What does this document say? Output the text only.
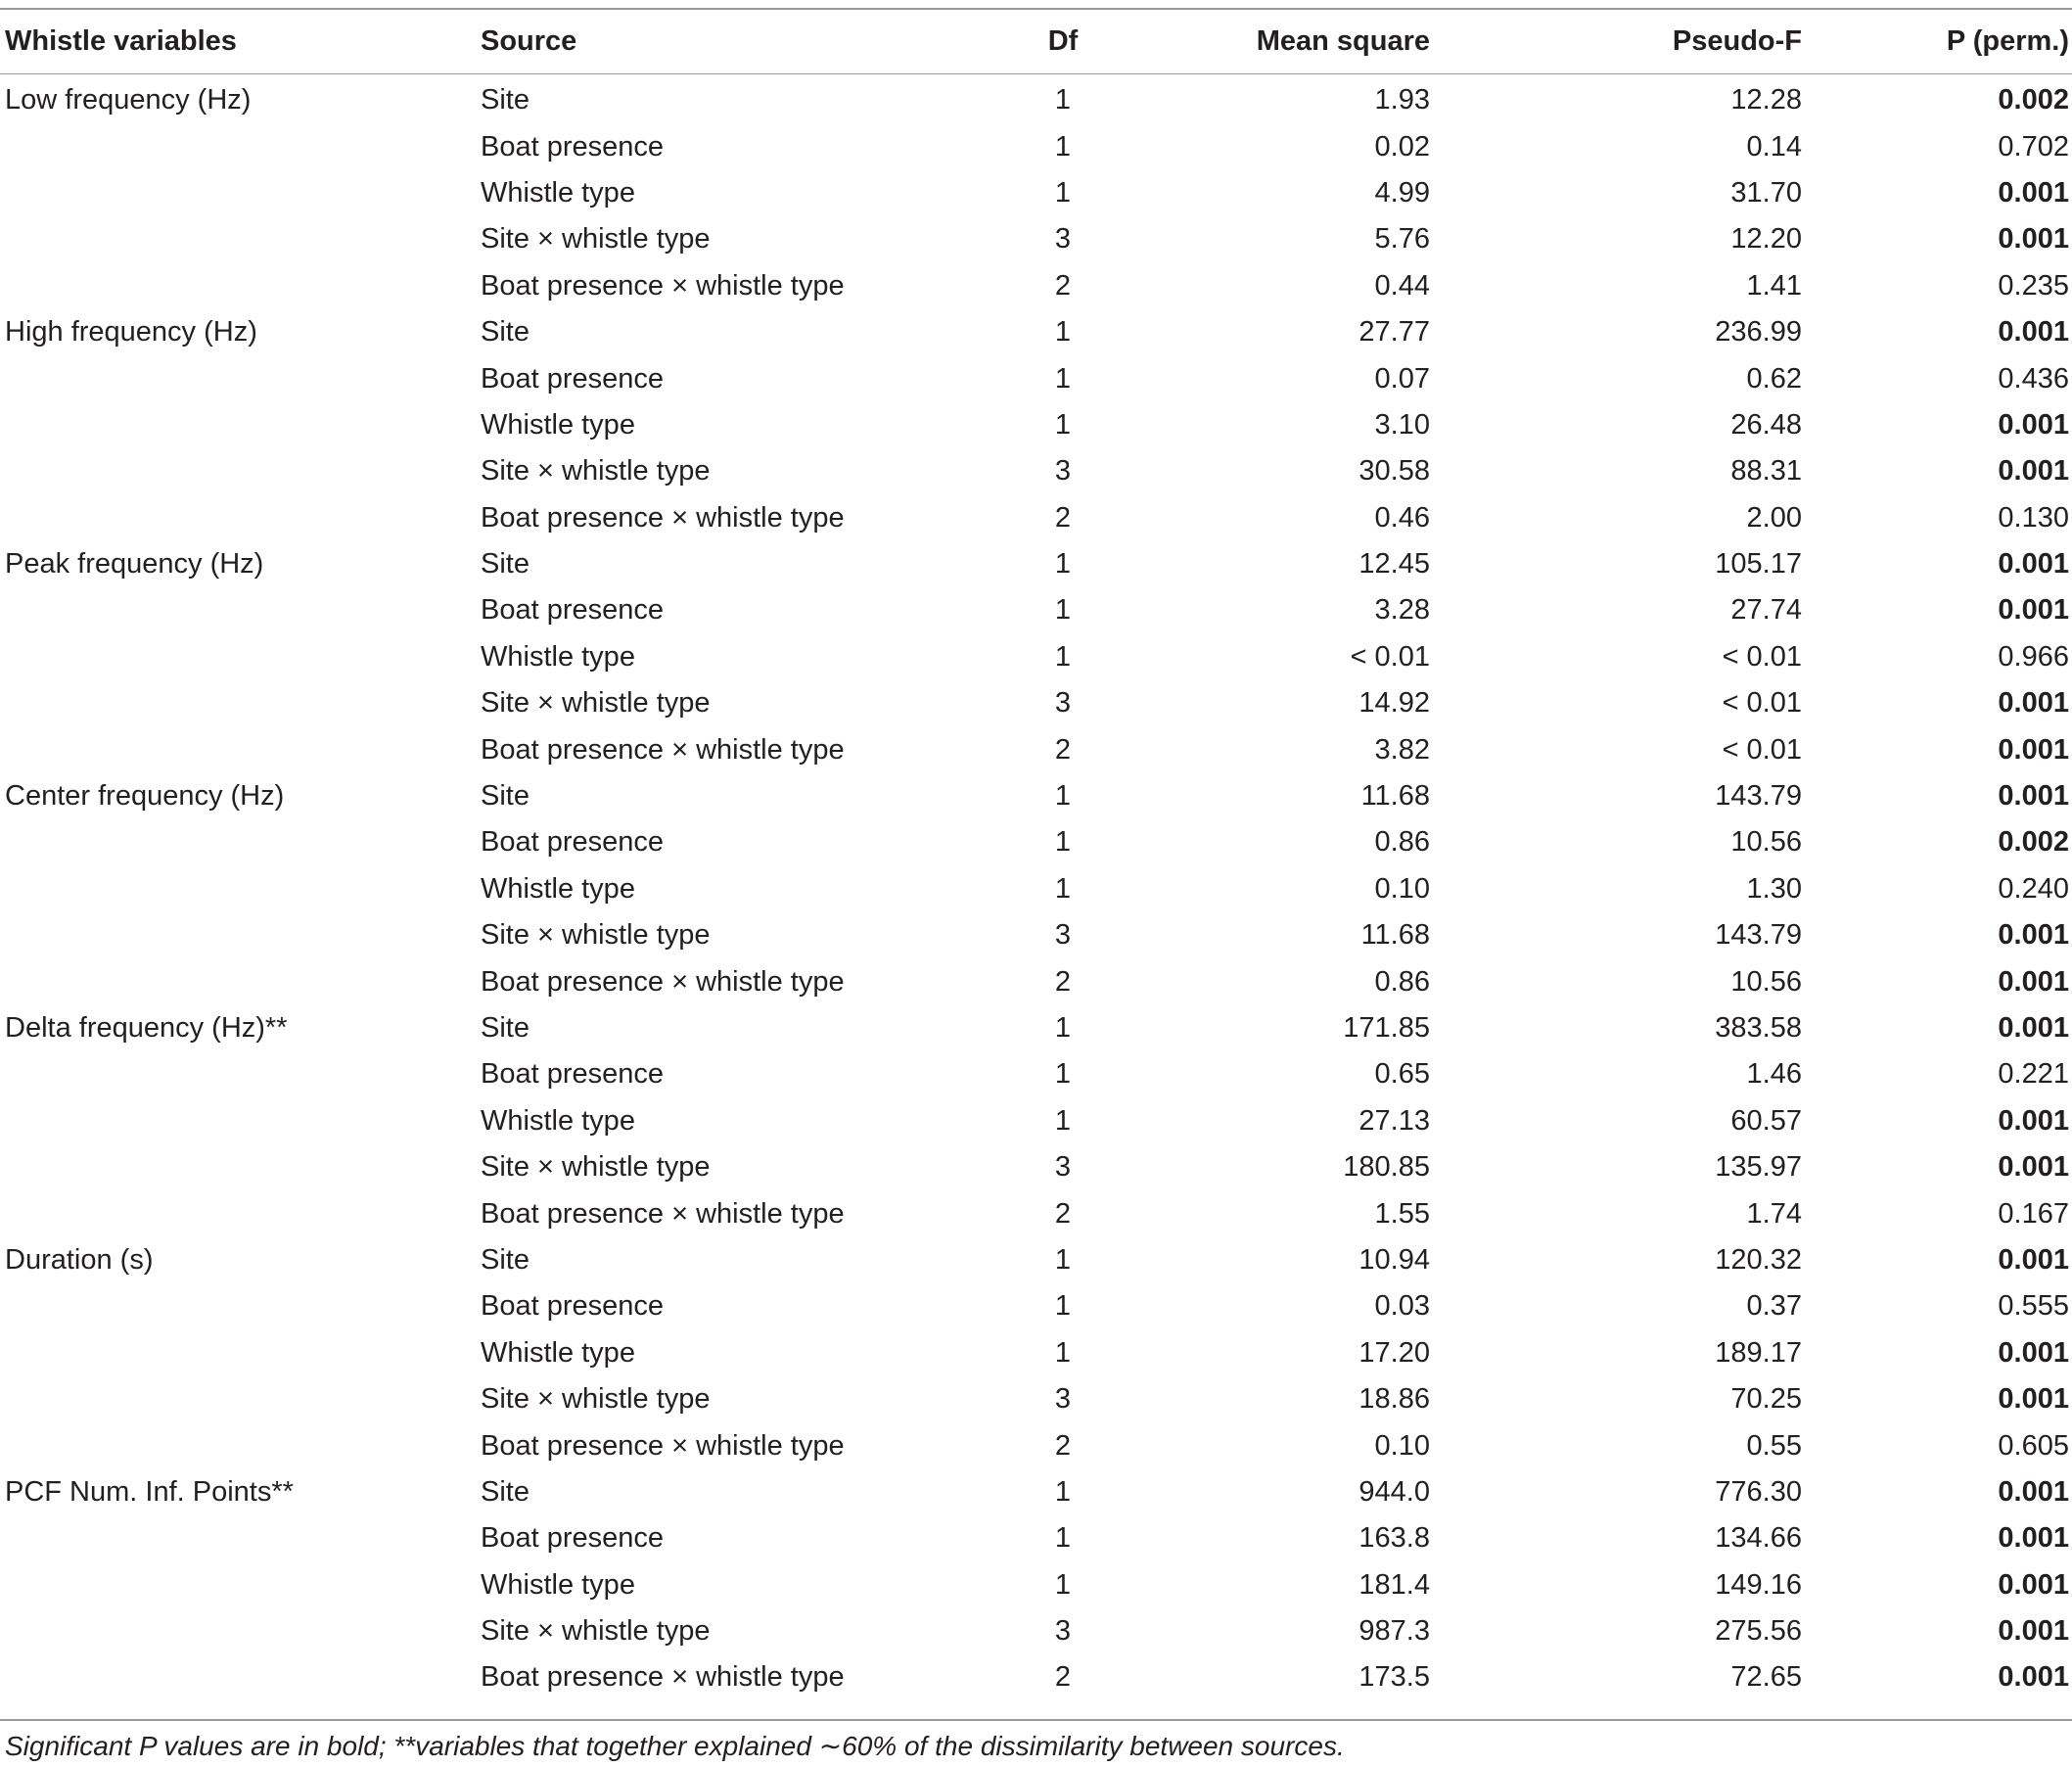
Whistle variables	Source	Df	Mean square	Pseudo-F	P (perm.)
Low frequency (Hz)	Site	1	1.93	12.28	0.002
	Boat presence	1	0.02	0.14	0.702
	Whistle type	1	4.99	31.70	0.001
	Site × whistle type	3	5.76	12.20	0.001
	Boat presence × whistle type	2	0.44	1.41	0.235
High frequency (Hz)	Site	1	27.77	236.99	0.001
	Boat presence	1	0.07	0.62	0.436
	Whistle type	1	3.10	26.48	0.001
	Site × whistle type	3	30.58	88.31	0.001
	Boat presence × whistle type	2	0.46	2.00	0.130
Peak frequency (Hz)	Site	1	12.45	105.17	0.001
	Boat presence	1	3.28	27.74	0.001
	Whistle type	1	< 0.01	< 0.01	0.966
	Site × whistle type	3	14.92	< 0.01	0.001
	Boat presence × whistle type	2	3.82	< 0.01	0.001
Center frequency (Hz)	Site	1	11.68	143.79	0.001
	Boat presence	1	0.86	10.56	0.002
	Whistle type	1	0.10	1.30	0.240
	Site × whistle type	3	11.68	143.79	0.001
	Boat presence × whistle type	2	0.86	10.56	0.001
Delta frequency (Hz)**	Site	1	171.85	383.58	0.001
	Boat presence	1	0.65	1.46	0.221
	Whistle type	1	27.13	60.57	0.001
	Site × whistle type	3	180.85	135.97	0.001
	Boat presence × whistle type	2	1.55	1.74	0.167
Duration (s)	Site	1	10.94	120.32	0.001
	Boat presence	1	0.03	0.37	0.555
	Whistle type	1	17.20	189.17	0.001
	Site × whistle type	3	18.86	70.25	0.001
	Boat presence × whistle type	2	0.10	0.55	0.605
PCF Num. Inf. Points**	Site	1	944.0	776.30	0.001
	Boat presence	1	163.8	134.66	0.001
	Whistle type	1	181.4	149.16	0.001
	Site × whistle type	3	987.3	275.56	0.001
	Boat presence × whistle type	2	173.5	72.65	0.001
Significant P values are in bold; **variables that together explained ∼60% of the dissimilarity between sources.
